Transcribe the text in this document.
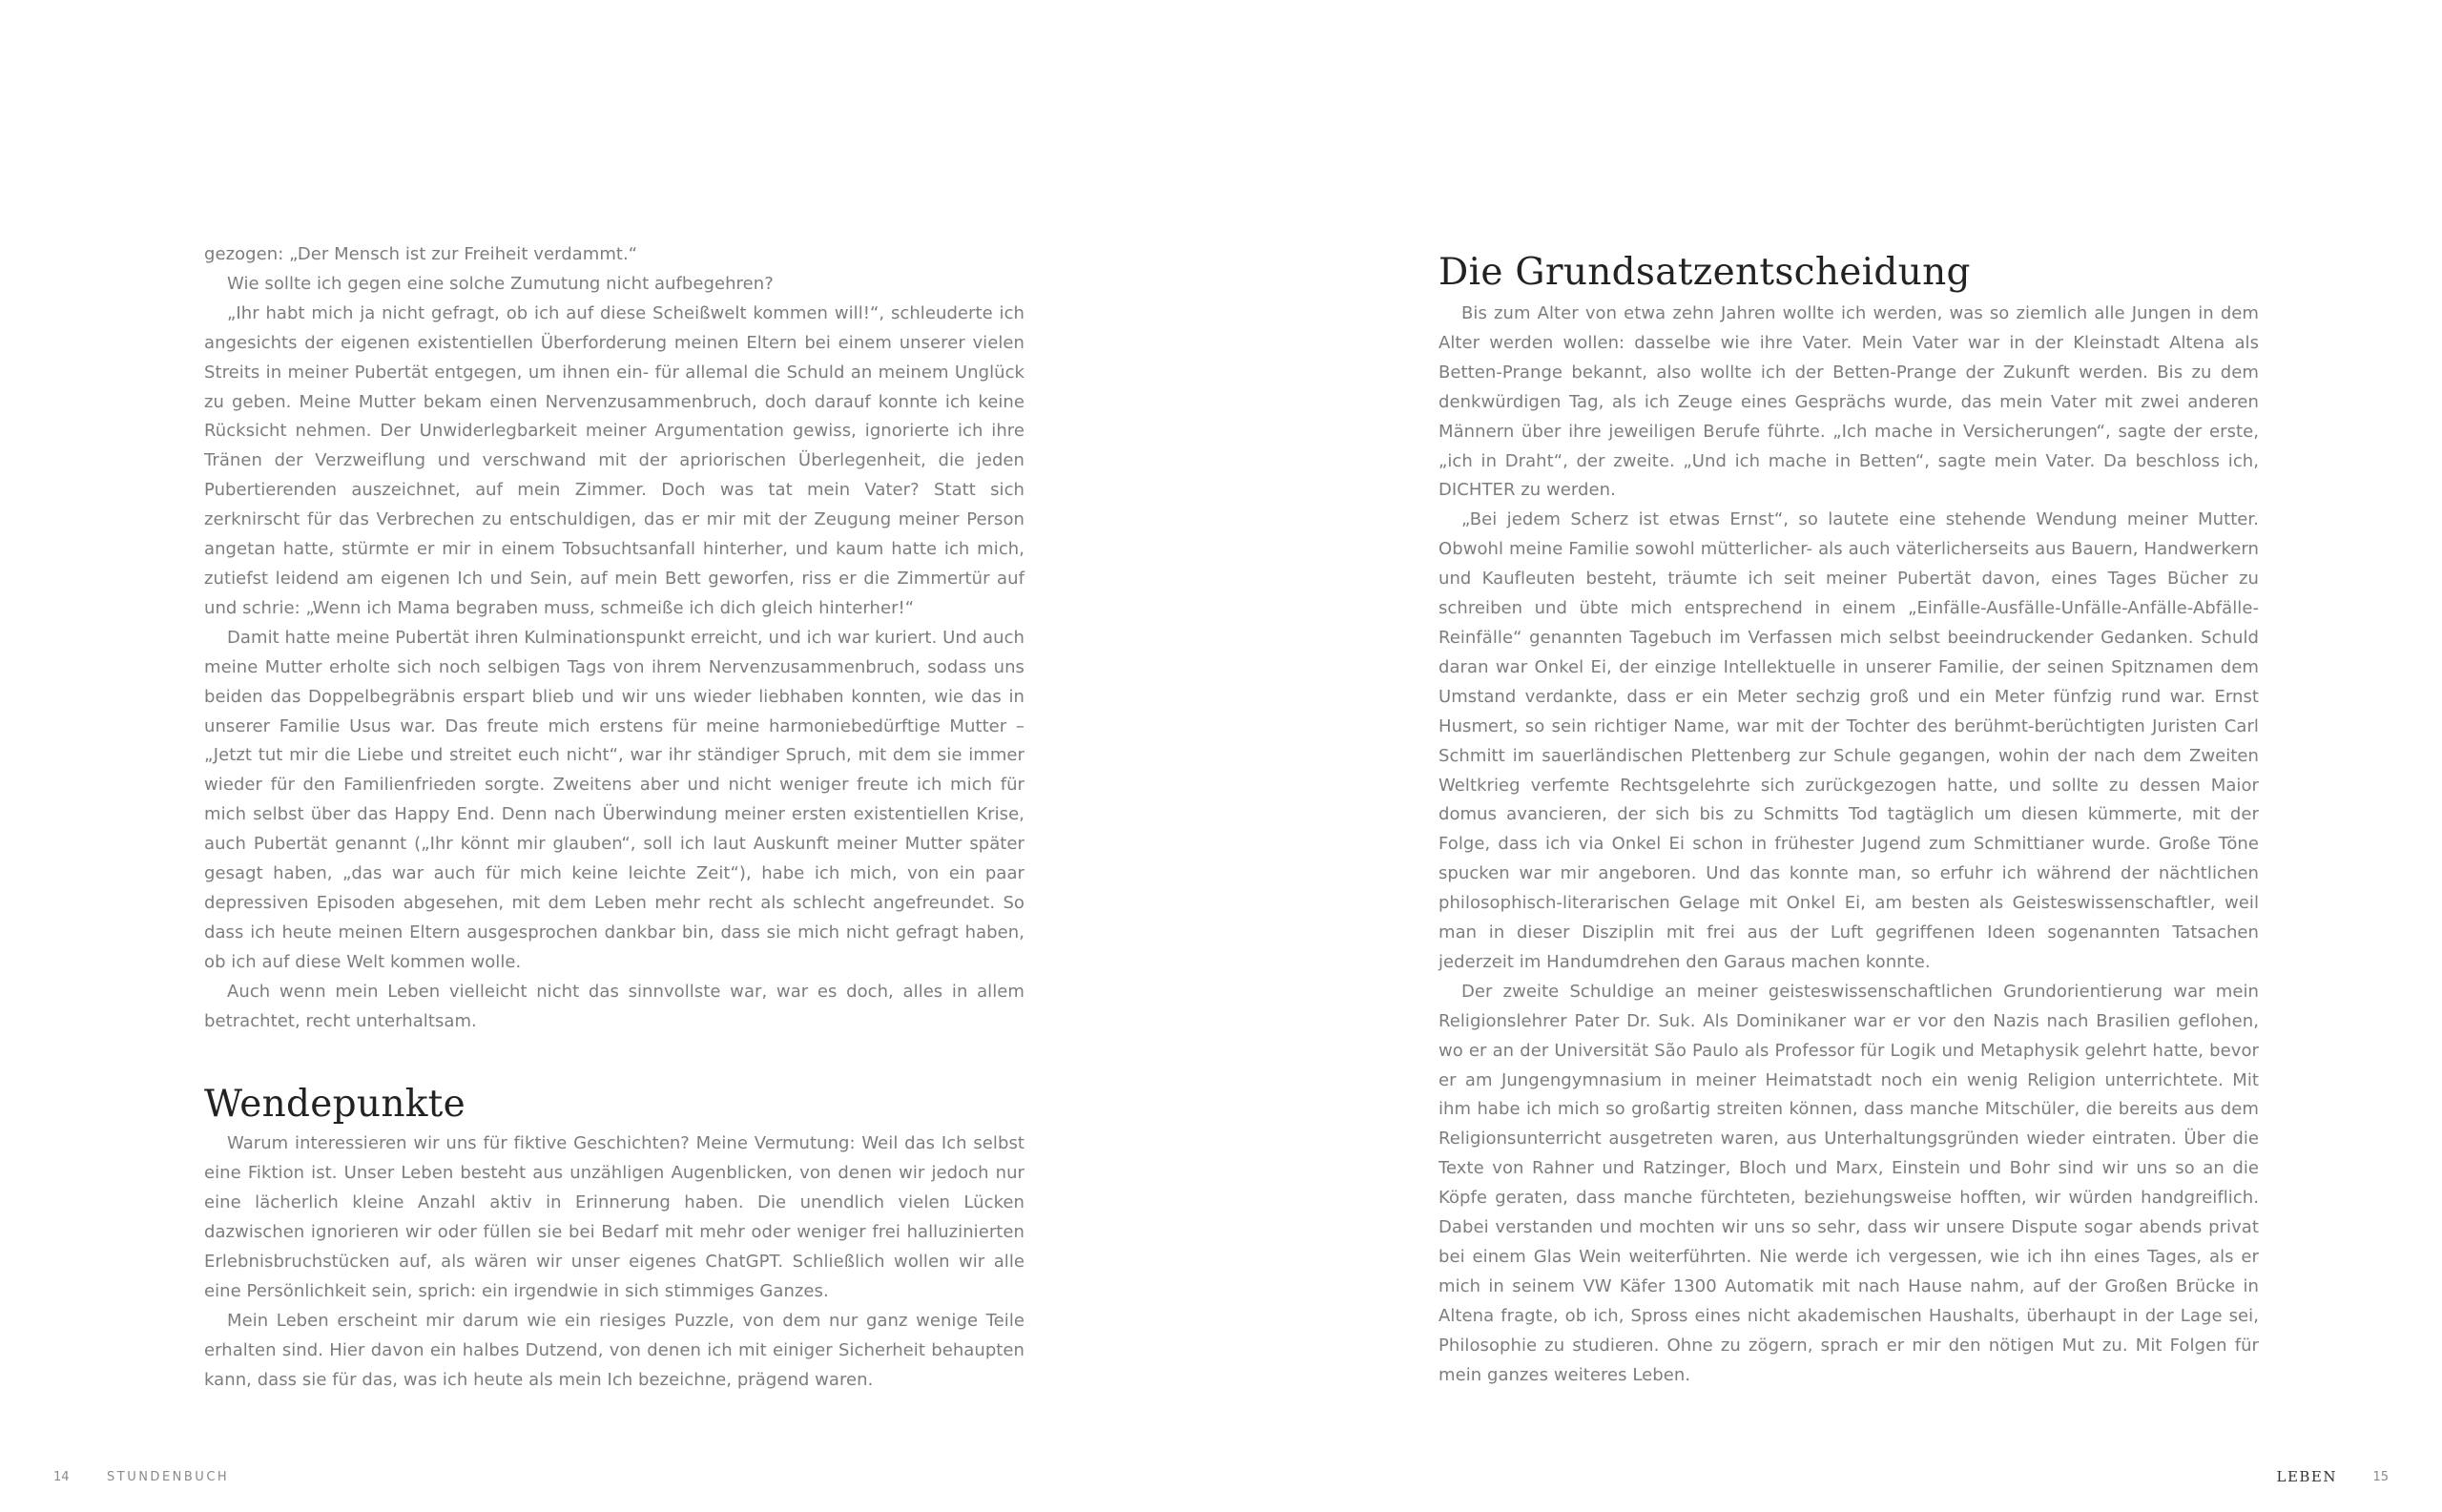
gezogen: „Der Mensch ist zur Freiheit verdammt.“

Wie sollte ich gegen eine solche Zumutung nicht aufbegehren?

„Ihr habt mich ja nicht gefragt, ob ich auf diese Scheißwelt kommen will!“, schleuderte ich angesichts der eigenen existentiellen Überforderung meinen Eltern bei einem unserer vielen Streits in meiner Pubertät entgegen, um ihnen ein- für allemal die Schuld an meinem Unglück zu geben. Meine Mutter bekam einen Nervenzusammenbruch, doch darauf konnte ich keine Rücksicht nehmen. Der Unwiderlegbarkeit meiner Argumentation gewiss, ignorierte ich ihre Tränen der Verzweiflung und verschwand mit der apriorischen Überlegenheit, die jeden Pubertierenden auszeichnet, auf mein Zimmer. Doch was tat mein Vater? Statt sich zerknirscht für das Verbrechen zu entschuldigen, das er mir mit der Zeugung meiner Person angetan hatte, stürmte er mir in einem Tobsuchtsanfall hinterher, und kaum hatte ich mich, zutiefst leidend am eigenen Ich und Sein, auf mein Bett geworfen, riss er die Zimmertür auf und schrie: „Wenn ich Mama begraben muss, schmeiße ich dich gleich hinterher!“

Damit hatte meine Pubertät ihren Kulminationspunkt erreicht, und ich war kuriert. Und auch meine Mutter erholte sich noch selbigen Tags von ihrem Nervenzusammenbruch, sodass uns beiden das Doppelbegräbnis erspart blieb und wir uns wieder liebhaben konnten, wie das in unserer Familie Usus war. Das freute mich erstens für meine harmoniebedürftige Mutter – „Jetzt tut mir die Liebe und streitet euch nicht“, war ihr ständiger Spruch, mit dem sie immer wieder für den Familienfrieden sorgte. Zweitens aber und nicht weniger freute ich mich für mich selbst über das Happy End. Denn nach Überwindung meiner ersten existentiellen Krise, auch Pubertät genannt („Ihr könnt mir glauben“, soll ich laut Auskunft meiner Mutter später gesagt haben, „das war auch für mich keine leichte Zeit“), habe ich mich, von ein paar depressiven Episoden abgesehen, mit dem Leben mehr recht als schlecht angefreundet. So dass ich heute meinen Eltern ausgesprochen dankbar bin, dass sie mich nicht gefragt haben, ob ich auf diese Welt kommen wolle.

Auch wenn mein Leben vielleicht nicht das sinnvollste war, war es doch, alles in allem betrachtet, recht unterhaltsam.

Wendepunkte

Warum interessieren wir uns für fiktive Geschichten? Meine Vermutung: Weil das Ich selbst eine Fiktion ist. Unser Leben besteht aus unzähligen Augenblicken, von denen wir jedoch nur eine lächerlich kleine Anzahl aktiv in Erinnerung haben. Die unendlich vielen Lücken dazwischen ignorieren wir oder füllen sie bei Bedarf mit mehr oder weniger frei halluzinierten Erlebnisbruchstücken auf, als wären wir unser eigenes ChatGPT. Schließlich wollen wir alle eine Persönlichkeit sein, sprich: ein irgendwie in sich stimmiges Ganzes.

Mein Leben erscheint mir darum wie ein riesiges Puzzle, von dem nur ganz wenige Teile erhalten sind. Hier davon ein halbes Dutzend, von denen ich mit einiger Sicherheit behaupten kann, dass sie für das, was ich heute als mein Ich bezeichne, prägend waren.

14	STUNDENBUCH
Die Grundsatzentscheidung

Bis zum Alter von etwa zehn Jahren wollte ich werden, was so ziemlich alle Jungen in dem Alter werden wollen: dasselbe wie ihre Vater. Mein Vater war in der Kleinstadt Altena als Betten-Prange bekannt, also wollte ich der Betten-Prange der Zukunft werden. Bis zu dem denkwürdigen Tag, als ich Zeuge eines Gesprächs wurde, das mein Vater mit zwei anderen Männern über ihre jeweiligen Berufe führte. „Ich mache in Versicherungen“, sagte der erste, „ich in Draht“, der zweite. „Und ich mache in Betten“, sagte mein Vater. Da beschloss ich, DICHTER zu werden.

„Bei jedem Scherz ist etwas Ernst“, so lautete eine stehende Wendung meiner Mutter. Obwohl meine Familie sowohl mütterlicher- als auch väterlicherseits aus Bauern, Handwerkern und Kaufleuten besteht, träumte ich seit meiner Pubertät davon, eines Tages Bücher zu schreiben und übte mich entsprechend in einem „Einfälle-Ausfälle-Unfälle-Anfälle-Abfälle-Reinfälle“ genannten Tagebuch im Verfassen mich selbst beeindruckender Gedanken. Schuld daran war Onkel Ei, der einzige Intellektuelle in unserer Familie, der seinen Spitznamen dem Umstand verdankte, dass er ein Meter sechzig groß und ein Meter fünfzig rund war. Ernst Husmert, so sein richtiger Name, war mit der Tochter des berühmt-berüchtigten Juristen Carl Schmitt im sauerländischen Plettenberg zur Schule gegangen, wohin der nach dem Zweiten Weltkrieg verfemte Rechtsgelehrte sich zurückgezogen hatte, und sollte zu dessen Maior domus avancieren, der sich bis zu Schmitts Tod tagtäglich um diesen kümmerte, mit der Folge, dass ich via Onkel Ei schon in frühester Jugend zum Schmittianer wurde. Große Töne spucken war mir angeboren. Und das konnte man, so erfuhr ich während der nächtlichen philosophisch-literarischen Gelage mit Onkel Ei, am besten als Geisteswissenschaftler, weil man in dieser Disziplin mit frei aus der Luft gegriffenen Ideen sogenannten Tatsachen jederzeit im Handumdrehen den Garaus machen konnte.

Der zweite Schuldige an meiner geisteswissenschaftlichen Grundorientierung war mein Religionslehrer Pater Dr. Suk. Als Dominikaner war er vor den Nazis nach Brasilien geflohen, wo er an der Universität São Paulo als Professor für Logik und Metaphysik gelehrt hatte, bevor er am Jungengymnasium in meiner Heimatstadt noch ein wenig Religion unterrichtete. Mit ihm habe ich mich so großartig streiten können, dass manche Mitschüler, die bereits aus dem Religionsunterricht ausgetreten waren, aus Unterhaltungsgründen wieder eintraten. Über die Texte von Rahner und Ratzinger, Bloch und Marx, Einstein und Bohr sind wir uns so an die Köpfe geraten, dass manche fürchteten, beziehungsweise hofften, wir würden handgreiflich. Dabei verstanden und mochten wir uns so sehr, dass wir unsere Dispute sogar abends privat bei einem Glas Wein weiterführten. Nie werde ich vergessen, wie ich ihn eines Tages, als er mich in seinem VW Käfer 1300 Automatik mit nach Hause nahm, auf der Großen Brücke in Altena fragte, ob ich, Spross eines nicht akademischen Haushalts, überhaupt in der Lage sei, Philosophie zu studieren. Ohne zu zögern, sprach er mir den nötigen Mut zu. Mit Folgen für mein ganzes weiteres Leben.

LEBEN	15
